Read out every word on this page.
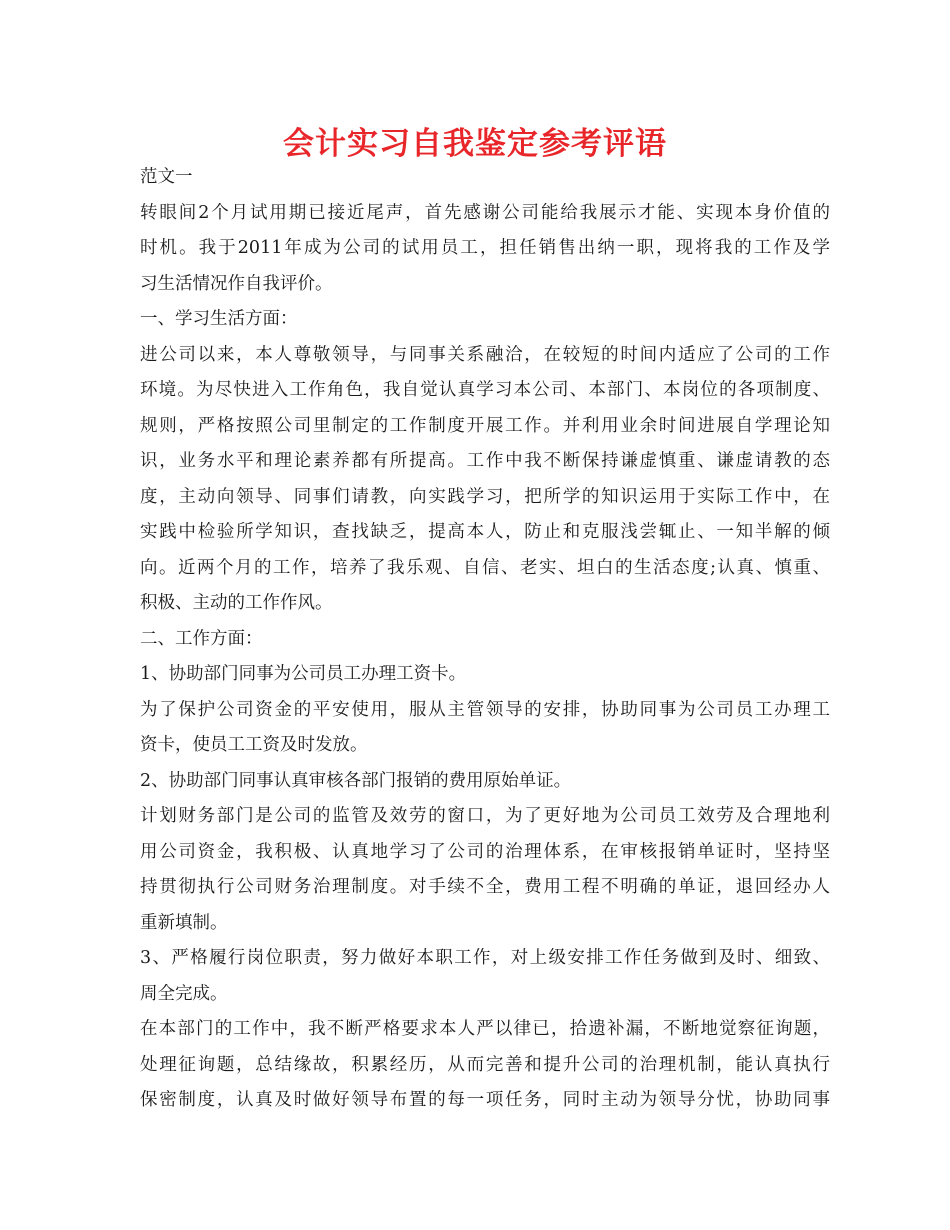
会计实习自我鉴定参考评语
范文一
转眼间2个月试用期已接近尾声，首先感谢公司能给我展示才能、实现本身价值的
时机。我于2011年成为公司的试用员工，担任销售出纳一职，现将我的工作及学
习生活情况作自我评价。
一、学习生活方面：
进公司以来，本人尊敬领导，与同事关系融洽，在较短的时间内适应了公司的工作
环境。为尽快进入工作角色，我自觉认真学习本公司、本部门、本岗位的各项制度、
规则，严格按照公司里制定的工作制度开展工作。并利用业余时间进展自学理论知
识，业务水平和理论素养都有所提高。工作中我不断保持谦虚慎重、谦虚请教的态
度，主动向领导、同事们请教，向实践学习，把所学的知识运用于实际工作中，在
实践中检验所学知识，查找缺乏，提高本人，防止和克服浅尝辄止、一知半解的倾
向。近两个月的工作，培养了我乐观、自信、老实、坦白的生活态度;认真、慎重、
积极、主动的工作作风。
二、工作方面：
1、协助部门同事为公司员工办理工资卡。
为了保护公司资金的平安使用，服从主管领导的安排，协助同事为公司员工办理工
资卡，使员工工资及时发放。
2、协助部门同事认真审核各部门报销的费用原始单证。
计划财务部门是公司的监管及效劳的窗口，为了更好地为公司员工效劳及合理地利
用公司资金，我积极、认真地学习了公司的治理体系，在审核报销单证时，坚持坚
持贯彻执行公司财务治理制度。对手续不全，费用工程不明确的单证，退回经办人
重新填制。
3、严格履行岗位职责，努力做好本职工作，对上级安排工作任务做到及时、细致、
周全完成。
在本部门的工作中，我不断严格要求本人严以律已，拾遗补漏，不断地觉察征询题，
处理征询题，总结缘故，积累经历，从而完善和提升公司的治理机制，能认真执行
保密制度，认真及时做好领导布置的每一项任务，同时主动为领导分忧，协助同事
